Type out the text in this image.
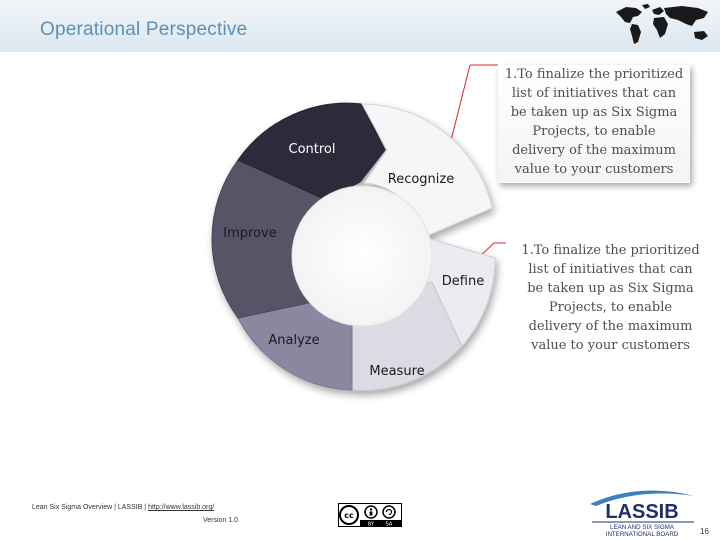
Operational Perspective
Control
Recognize
Define
Measure
Analyze
Improve
1.To finalize the prioritized
list of initiatives that can
be taken up as Six Sigma
Projects, to enable
delivery of the maximum
value to your customers
1.To finalize the prioritized
list of initiatives that can
be taken up as Six Sigma
Projects, to enable
delivery of the maximum
value to your customers
Lean Six Sigma Overview | LASSIB | http://www.lassib.org/
Version 1.0
cc
BY SA
LASSIB
LEAN AND SIX SIGMA
INTERNATIONAL BOARD	16
